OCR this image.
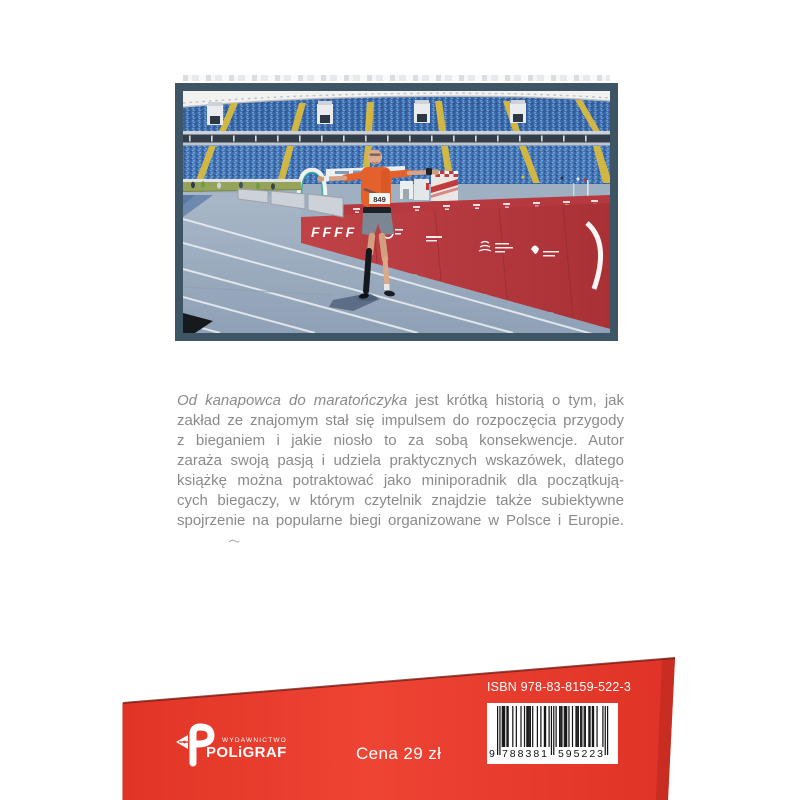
FFFF
849
Od kanapowca do maratończyka jest krótką historią o tym, jak
zakład ze znajomym stał się impulsem do rozpoczęcia przygody
z bieganiem i jakie niosło to za sobą konsekwencje. Autor
zaraża swoją pasją i udziela praktycznych wskazówek, dlatego
książkę można potraktować jako miniporadnik dla początkują-
cych biegaczy, w którym czytelnik znajdzie także subiektywne
spojrzenie na popularne biegi organizowane w Polsce i Europie.
ISBN 978-83-8159-522-3
9 788381 595223
WYDAWNICTWO
POLiGRAF	Cena 29 zł
